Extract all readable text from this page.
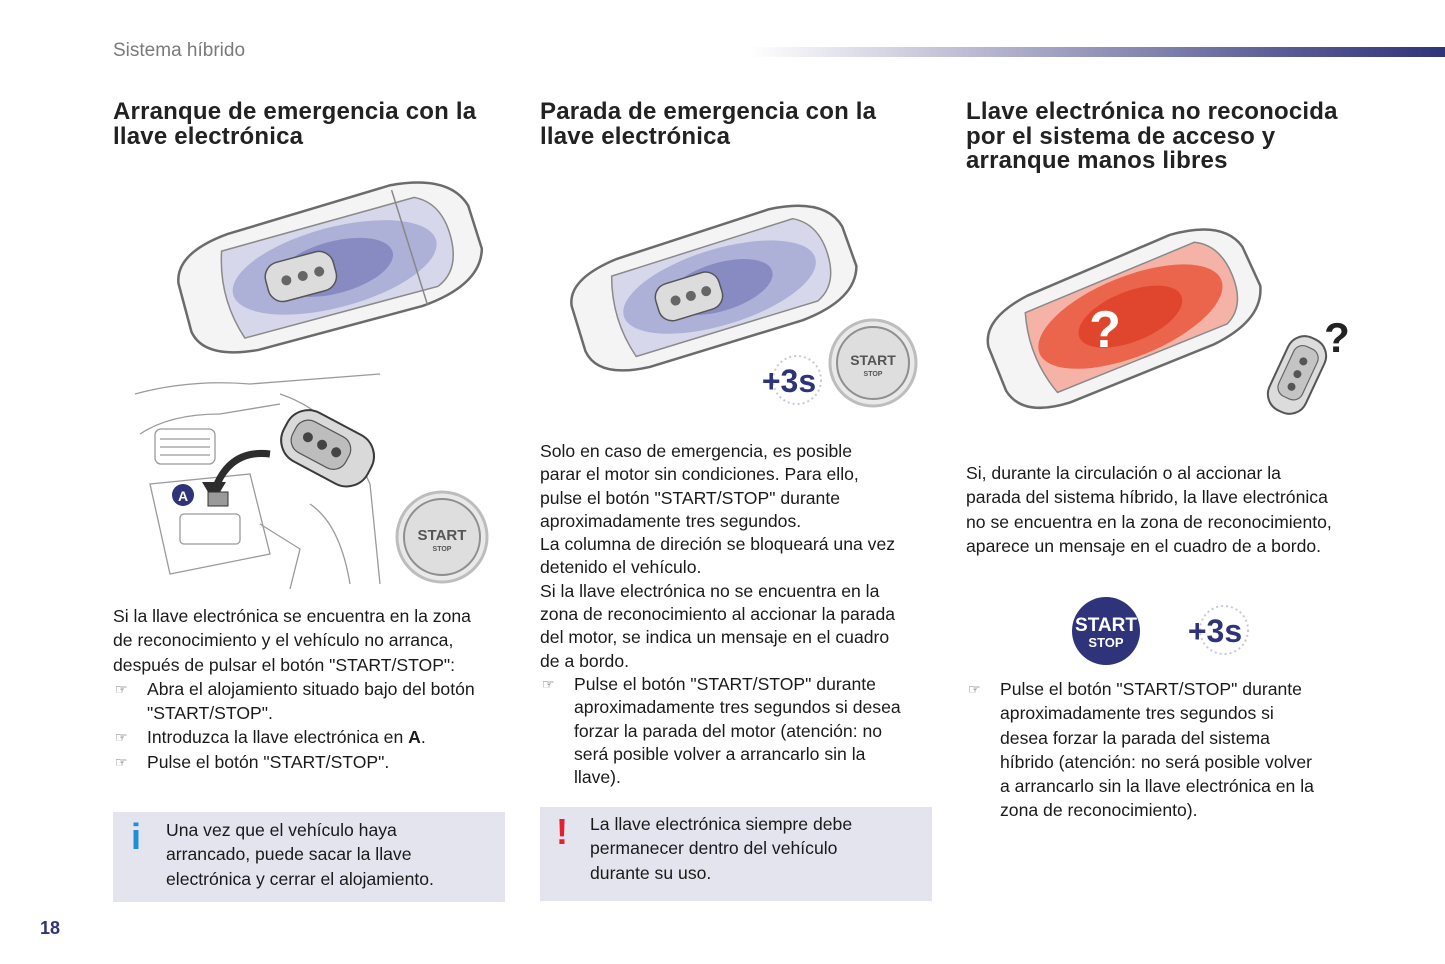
Sistema híbrido
Arranque de emergencia con la
llave electrónica
A
START
STOP

Si la llave electrónica se encuentra en la zona

de reconocimiento y el vehículo no arranca,

después de pulsar el botón "START/STOP":

☞ Abra el alojamiento situado bajo del botón
"START/STOP".
☞ Introduzca la llave electrónica en A.
☞ Pulse el botón "START/STOP".
i Una vez que el vehículo haya
arrancado, puede sacar la llave
electrónica y cerrar el alojamiento.
Parada de emergencia con la
llave electrónica
+3s
START
STOP

Solo en caso de emergencia, es posible

parar el motor sin condiciones. Para ello,

pulse el botón "START/STOP" durante

aproximadamente tres segundos.

La columna de direción se bloqueará una vez

detenido el vehículo.

Si la llave electrónica no se encuentra en la

zona de reconocimiento al accionar la parada

del motor, se indica un mensaje en el cuadro

de a bordo.

☞ Pulse el botón "START/STOP" durante
aproximadamente tres segundos si desea
forzar la parada del motor (atención: no
será posible volver a arrancarlo sin la
llave).
! La llave electrónica siempre debe
permanecer dentro del vehículo
durante su uso.
Llave electrónica no reconocida
por el sistema de acceso y
arranque manos libres
?	?

Si, durante la circulación o al accionar la

parada del sistema híbrido, la llave electrónica

no se encuentra en la zona de reconocimiento,

aparece un mensaje en el cuadro de a bordo.

START
STOP +3s
☞ Pulse el botón "START/STOP" durante
aproximadamente tres segundos si
desea forzar la parada del sistema
híbrido (atención: no será posible volver
a arrancarlo sin la llave electrónica en la
zona de reconocimiento).
18
